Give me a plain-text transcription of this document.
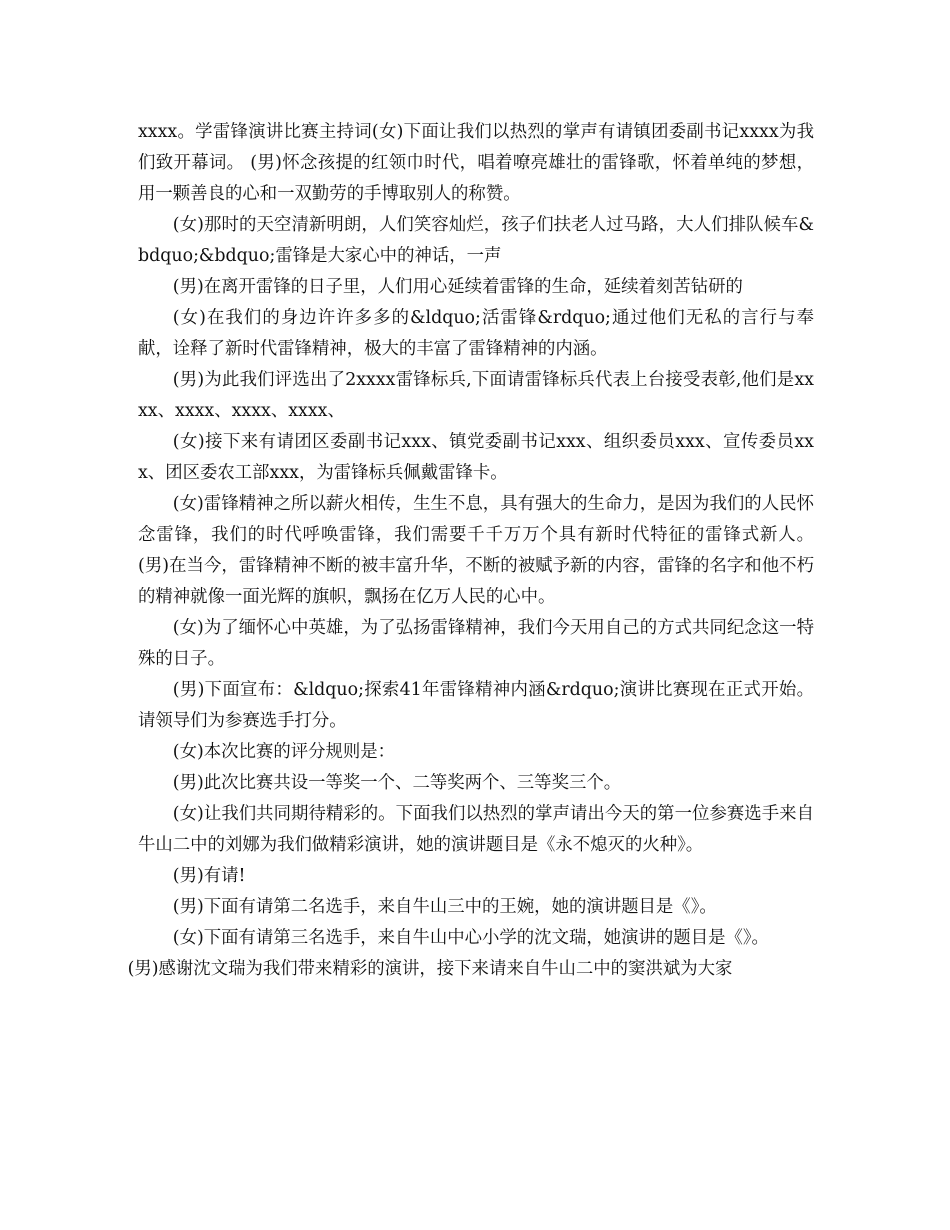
xxxx。学雷锋演讲比赛主持词(女)下面让我们以热烈的掌声有请镇团委副书记xxxx为我们致开幕词。 (男)怀念孩提的红领巾时代，唱着嘹亮雄壮的雷锋歌，怀着单纯的梦想，用一颗善良的心和一双勤劳的手博取别人的称赞。

(女)那时的天空清新明朗，人们笑容灿烂，孩子们扶老人过马路，大人们排队候车&bdquo;&bdquo;雷锋是大家心中的神话，一声

(男)在离开雷锋的日子里，人们用心延续着雷锋的生命，延续着刻苦钻研的

(女)在我们的身边许许多多的&ldquo;活雷锋&rdquo;通过他们无私的言行与奉献，诠释了新时代雷锋精神，极大的丰富了雷锋精神的内涵。

(男)为此我们评选出了2xxxx雷锋标兵,下面请雷锋标兵代表上台接受表彰,他们是xxxx、xxxx、xxxx、xxxx、

(女)接下来有请团区委副书记xxx、镇党委副书记xxx、组织委员xxx、宣传委员xxx、团区委农工部xxx，为雷锋标兵佩戴雷锋卡。

(女)雷锋精神之所以薪火相传，生生不息，具有强大的生命力，是因为我们的人民怀念雷锋，我们的时代呼唤雷锋，我们需要千千万万个具有新时代特征的雷锋式新人。 (男)在当今，雷锋精神不断的被丰富升华，不断的被赋予新的内容，雷锋的名字和他不朽的精神就像一面光辉的旗帜，飘扬在亿万人民的心中。

(女)为了缅怀心中英雄，为了弘扬雷锋精神，我们今天用自己的方式共同纪念这一特殊的日子。

(男)下面宣布：&ldquo;探索41年雷锋精神内涵&rdquo;演讲比赛现在正式开始。请领导们为参赛选手打分。

(女)本次比赛的评分规则是：

(男)此次比赛共设一等奖一个、二等奖两个、三等奖三个。

(女)让我们共同期待精彩的。下面我们以热烈的掌声请出今天的第一位参赛选手来自牛山二中的刘娜为我们做精彩演讲，她的演讲题目是《永不熄灭的火种》。

(男)有请!

(男)下面有请第二名选手，来自牛山三中的王婉，她的演讲题目是《》。

(女)下面有请第三名选手，来自牛山中心小学的沈文瑞，她演讲的题目是《》。

(男)感谢沈文瑞为我们带来精彩的演讲，接下来请来自牛山二中的窦洪斌为大家
